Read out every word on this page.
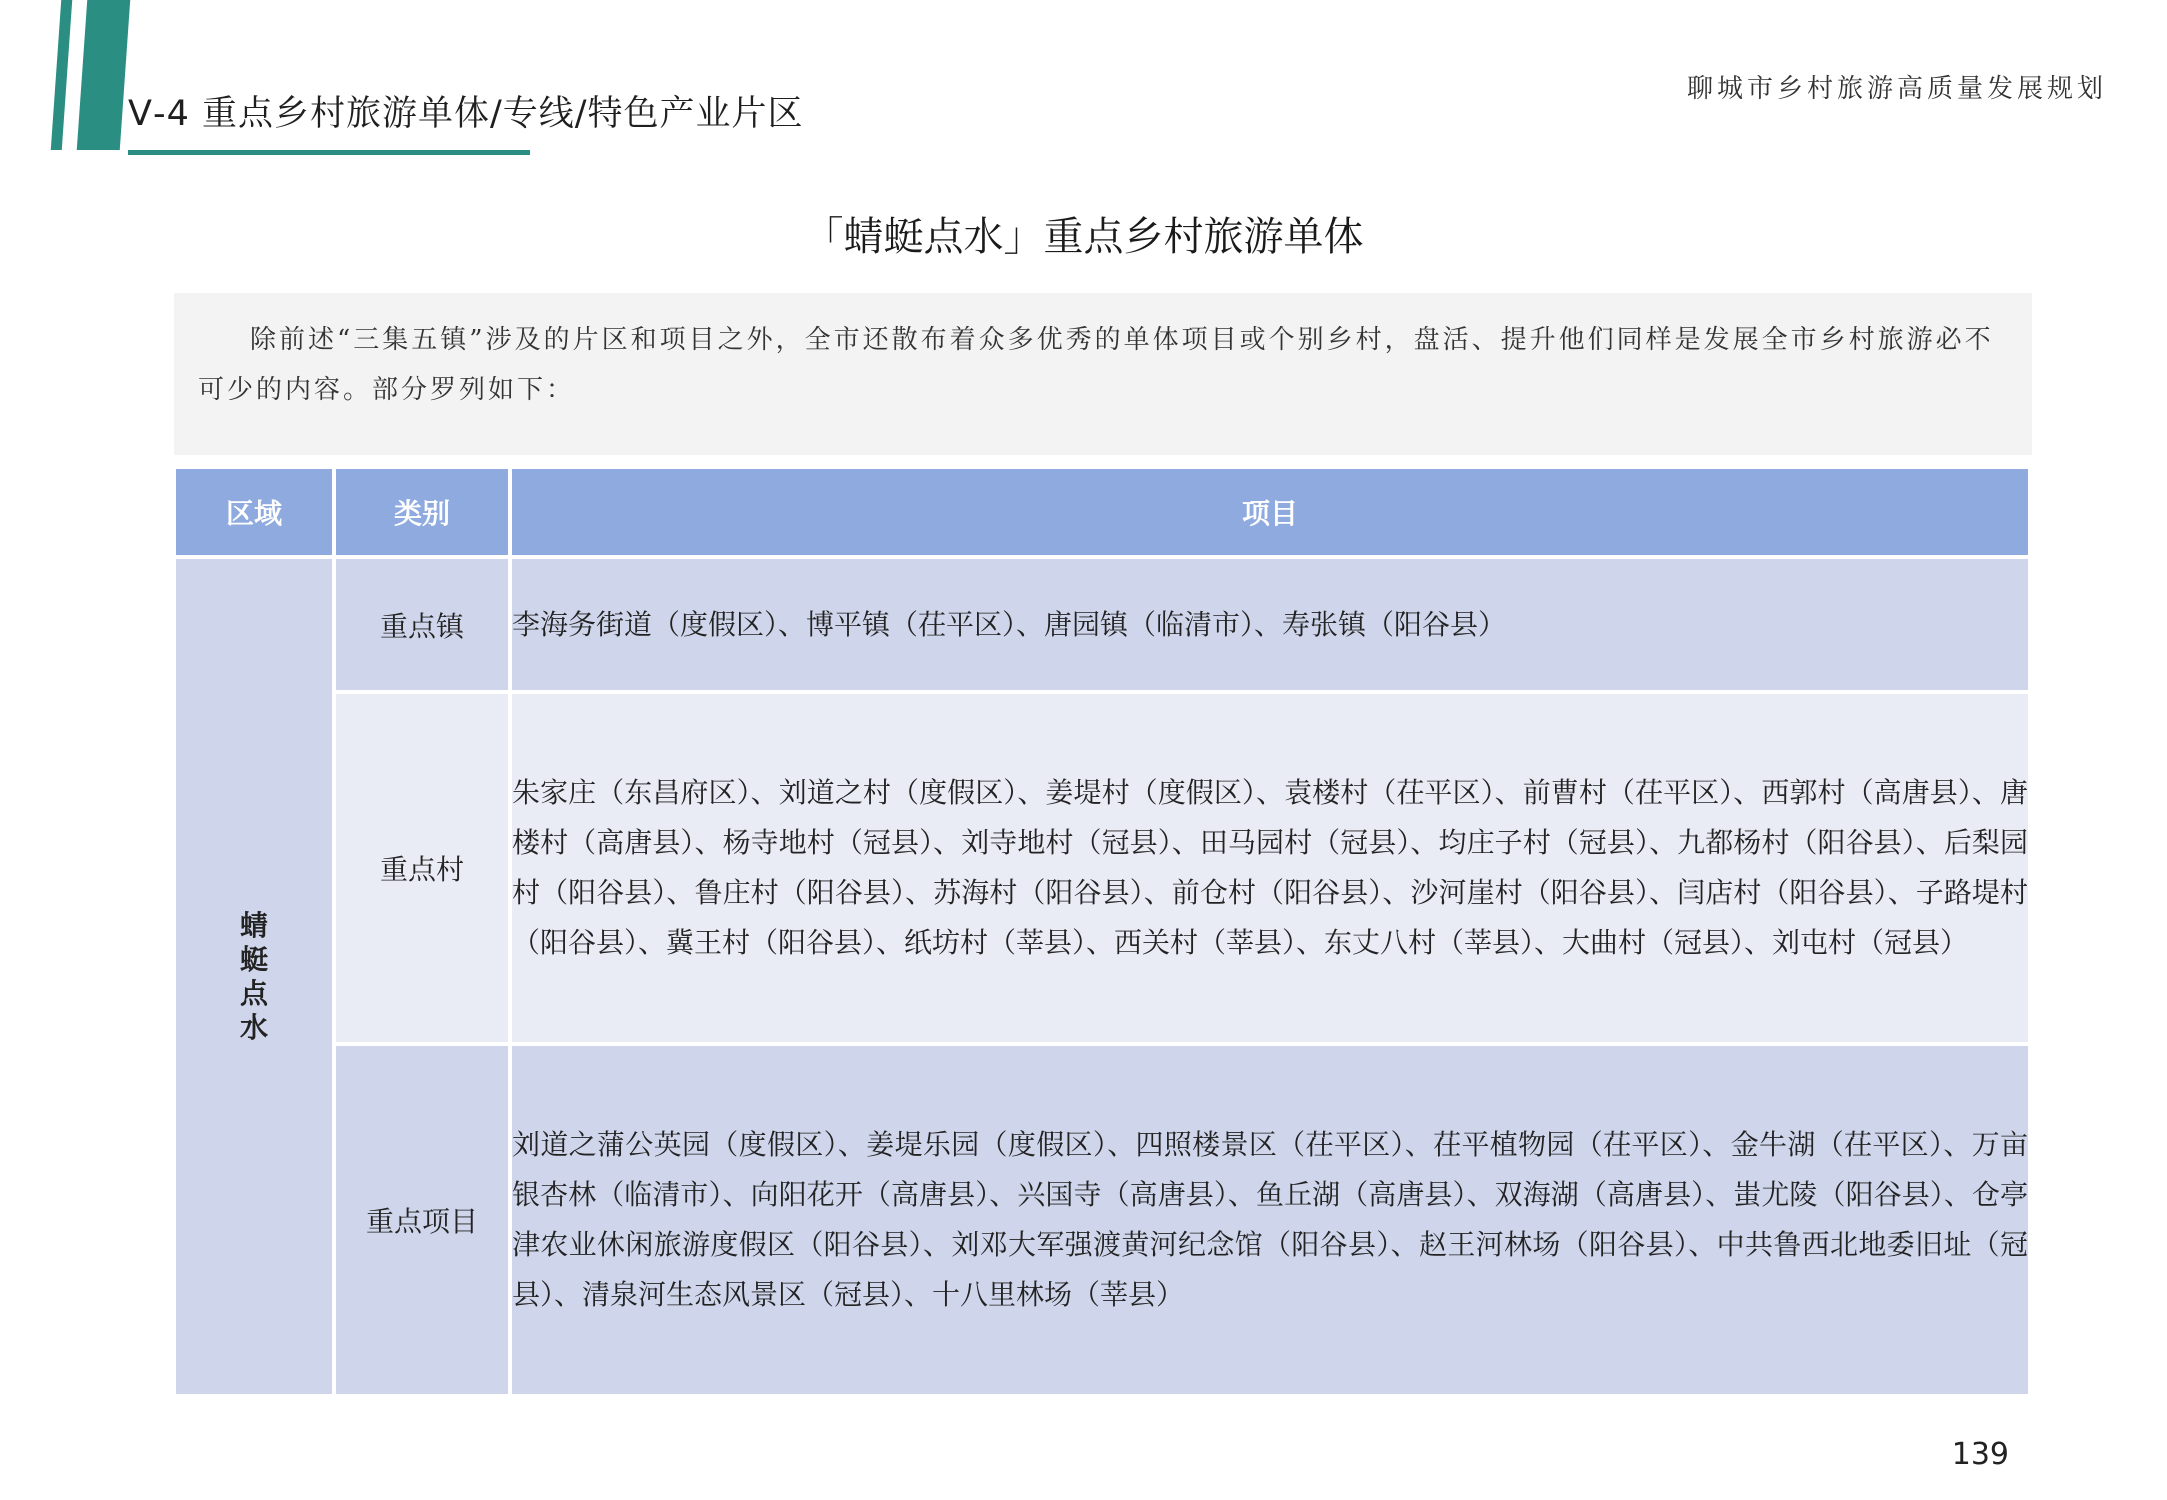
Ⅴ-4 重点乡村旅游单体/专线/特色产业片区
聊城市乡村旅游高质量发展规划
「蜻蜓点水」重点乡村旅游单体

除前述“三集五镇”涉及的片区和项目之外，全市还散布着众多优秀的单体项目或个别乡村，盘活、提升他们同样是发展全市乡村旅游必不可少的内容。部分罗列如下：

区域	类别	项目
蜻蜓点水	重点镇	李海务街道（度假区）、博平镇（茌平区）、唐园镇（临清市）、寿张镇（阳谷县）
	重点村	朱家庄（东昌府区）、刘道之村（度假区）、姜堤村（度假区）、袁楼村（茌平区）、前曹村（茌平区）、西郭村（高唐县）、唐楼村（高唐县）、杨寺地村（冠县）、刘寺地村（冠县）、田马园村（冠县）、均庄子村（冠县）、九都杨村（阳谷县）、后梨园村（阳谷县）、鲁庄村（阳谷县）、苏海村（阳谷县）、前仓村（阳谷县）、沙河崖村（阳谷县）、闫店村（阳谷县）、子路堤村（阳谷县）、冀王村（阳谷县）、纸坊村（莘县）、西关村（莘县）、东丈八村（莘县）、大曲村（冠县）、刘屯村（冠县）
	重点项目	刘道之蒲公英园（度假区）、姜堤乐园（度假区）、四照楼景区（茌平区）、茌平植物园（茌平区）、金牛湖（茌平区）、万亩银杏林（临清市）、向阳花开（高唐县）、兴国寺（高唐县）、鱼丘湖（高唐县）、双海湖（高唐县）、蚩尤陵（阳谷县）、仓亭津农业休闲旅游度假区（阳谷县）、刘邓大军强渡黄河纪念馆（阳谷县）、赵王河林场（阳谷县）、中共鲁西北地委旧址（冠县）、清泉河生态风景区（冠县）、十八里林场（莘县）
139
